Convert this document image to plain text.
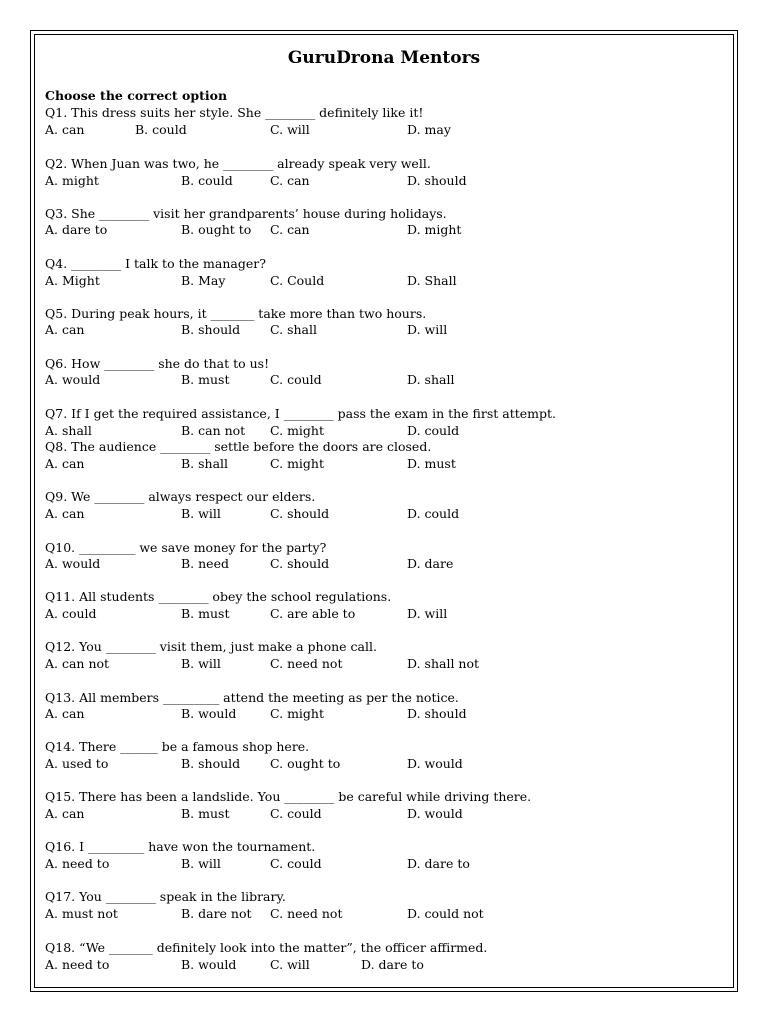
GuruDrona Mentors
Choose the correct option
Q1. This dress suits her style. She ________ definitely like it!
A. can	B. could	C. will	D. may
Q2. When Juan was two, he ________ already speak very well.
A. might	B. could	C. can	D. should
Q3. She ________ visit her grandparents’ house during holidays.
A. dare to	B. ought to C. can	D. might
Q4. ________ I talk to the manager?
A. Might	B. May	C. Could	D. Shall
Q5. During peak hours, it _______ take more than two hours.
A. can	B. should C. shall	D. will
Q6. How ________ she do that to us!
A. would	B. must	C. could	D. shall
Q7. If I get the required assistance, I ________ pass the exam in the first attempt.
A. shall	B. can not C. might	D. could
Q8. The audience ________ settle before the doors are closed.
A. can	B. shall	C. might	D. must
Q9. We ________ always respect our elders.
A. can	B. will	C. should	D. could
Q10. _________ we save money for the party?
A. would	B. need	C. should	D. dare
Q11. All students ________ obey the school regulations.
A. could	B. must	C. are able to	D. will
Q12. You ________ visit them, just make a phone call.
A. can not	B. will	C. need not	D. shall not
Q13. All members _________ attend the meeting as per the notice.
A. can	B. would	C. might	D. should
Q14. There ______ be a famous shop here.
A. used to	B. should C. ought to	D. would
Q15. There has been a landslide. You ________ be careful while driving there.
A. can	B. must	C. could	D. would
Q16. I _________ have won the tournament.
A. need to	B. will	C. could	D. dare to
Q17. You ________ speak in the library.
A. must not	B. dare not C. need not	D. could not
Q18. “We _______ definitely look into the matter”, the officer affirmed.
A. need to	B. would	C. will	D. dare to
